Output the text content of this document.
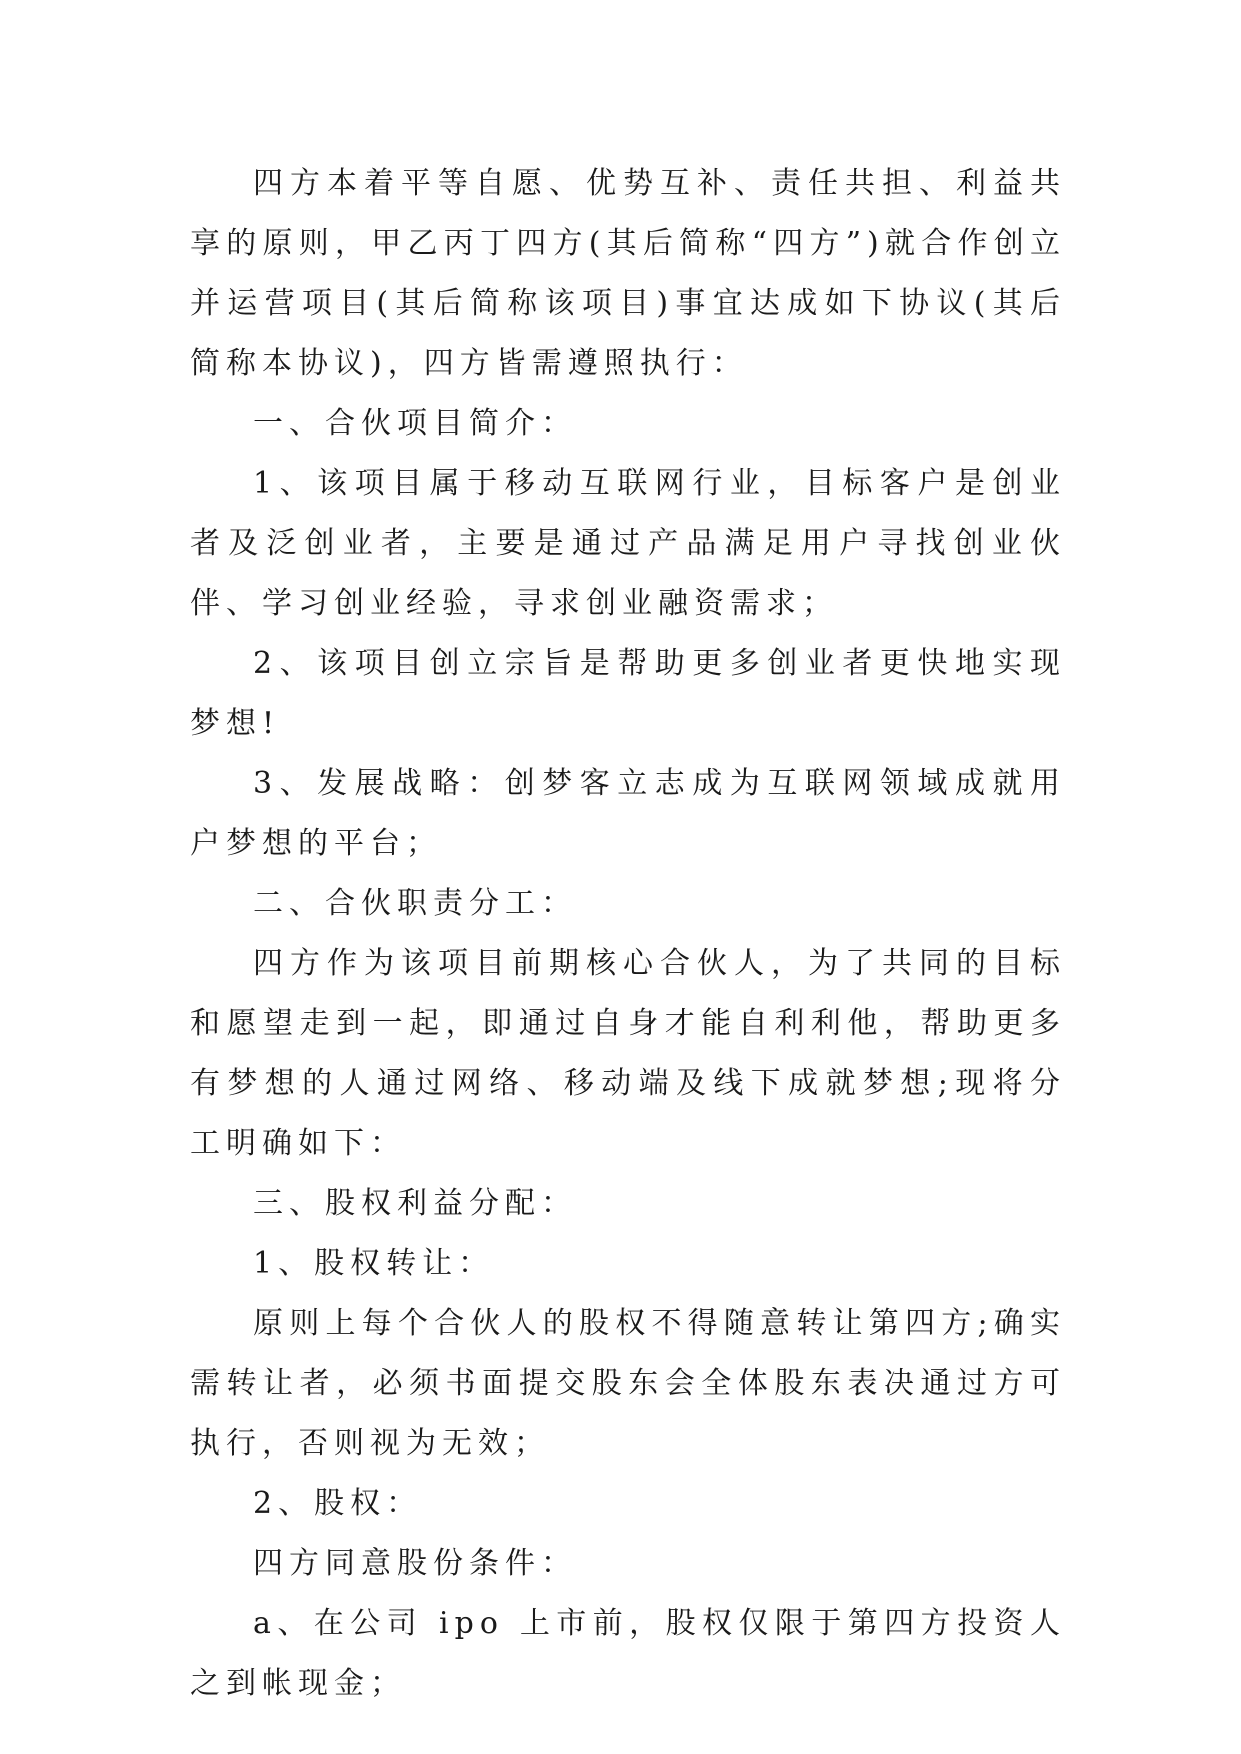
四方本着平等自愿、优势互补、责任共担、利益共享的原则，甲乙丙丁四方(其后简称“四方”)就合作创立并运营项目(其后简称该项目)事宜达成如下协议(其后简称本协议)，四方皆需遵照执行：

一、合伙项目简介：

1、该项目属于移动互联网行业，目标客户是创业者及泛创业者，主要是通过产品满足用户寻找创业伙伴、学习创业经验，寻求创业融资需求；

2、该项目创立宗旨是帮助更多创业者更快地实现梦想!

3、发展战略：创梦客立志成为互联网领域成就用户梦想的平台；

二、合伙职责分工：

四方作为该项目前期核心合伙人，为了共同的目标和愿望走到一起，即通过自身才能自利利他，帮助更多有梦想的人通过网络、移动端及线下成就梦想;现将分工明确如下：

三、股权利益分配：

1、股权转让：

原则上每个合伙人的股权不得随意转让第四方;确实需转让者，必须书面提交股东会全体股东表决通过方可执行，否则视为无效；

2、股权：

四方同意股份条件：

a、在公司 ipo 上市前，股权仅限于第四方投资人之到帐现金；
